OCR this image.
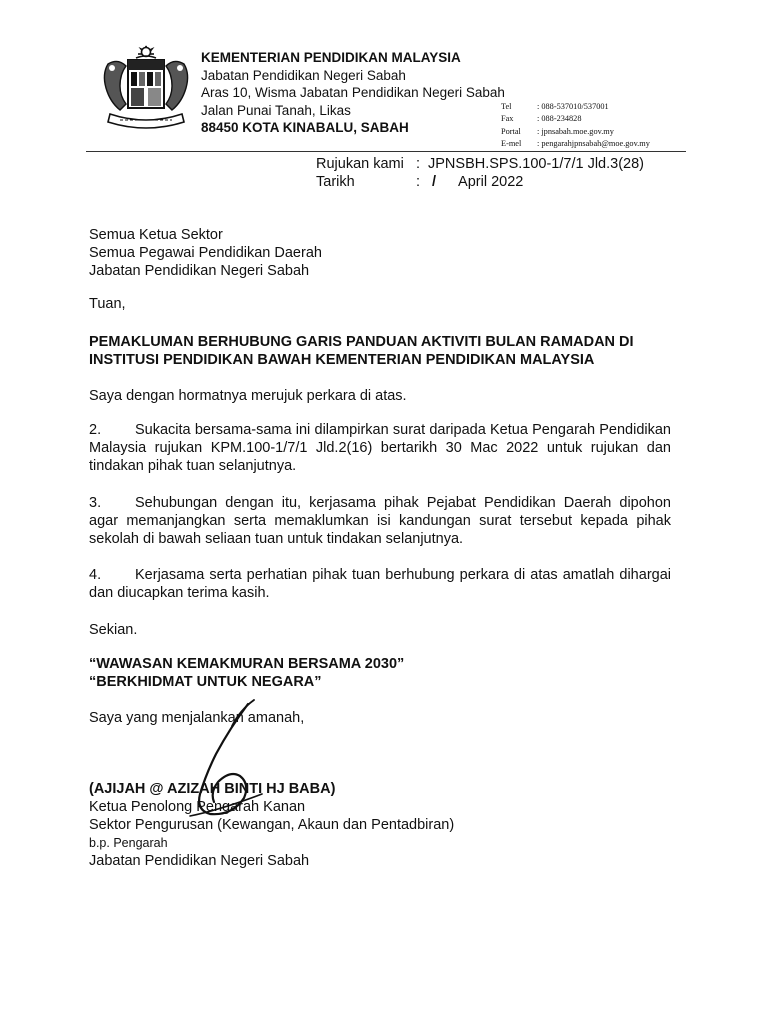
KEMENTERIAN PENDIDIKAN MALAYSIA
Jabatan Pendidikan Negeri Sabah
Aras 10, Wisma Jabatan Pendidikan Negeri Sabah
Jalan Punai Tanah, Likas
88450 KOTA KINABALU, SABAH
Tel	: 088-537010/537001
Fax	: 088-234828
Portal	: jpnsabah.moe.gov.my
E-mel	: pengarahjpnsabah@moe.gov.my
Rujukan kami : JPNSBH.SPS.100-1/7/1 Jld.3(28)
Tarikh	: / April 2022
Semua Ketua Sektor
Semua Pegawai Pendidikan Daerah
Jabatan Pendidikan Negeri Sabah
Tuan,
PEMAKLUMAN BERHUBUNG GARIS PANDUAN AKTIVITI BULAN RAMADAN DI INSTITUSI PENDIDIKAN BAWAH KEMENTERIAN PENDIDIKAN MALAYSIA
Saya dengan hormatnya merujuk perkara di atas.
2. Sukacita bersama-sama ini dilampirkan surat daripada Ketua Pengarah Pendidikan Malaysia rujukan KPM.100-1/7/1 Jld.2(16) bertarikh 30 Mac 2022 untuk rujukan dan tindakan pihak tuan selanjutnya.
3. Sehubungan dengan itu, kerjasama pihak Pejabat Pendidikan Daerah dipohon agar memanjangkan serta memaklumkan isi kandungan surat tersebut kepada pihak sekolah di bawah seliaan tuan untuk tindakan selanjutnya.
4. Kerjasama serta perhatian pihak tuan berhubung perkara di atas amatlah dihargai dan diucapkan terima kasih.
Sekian.
“WAWASAN KEMAKMURAN BERSAMA 2030”
“BERKHIDMAT UNTUK NEGARA”
Saya yang menjalankan amanah,
(AJIJAH @ AZIZAH BINTI HJ BABA)
Ketua Penolong Pengarah Kanan
Sektor Pengurusan (Kewangan, Akaun dan Pentadbiran)
b.p. Pengarah
Jabatan Pendidikan Negeri Sabah
